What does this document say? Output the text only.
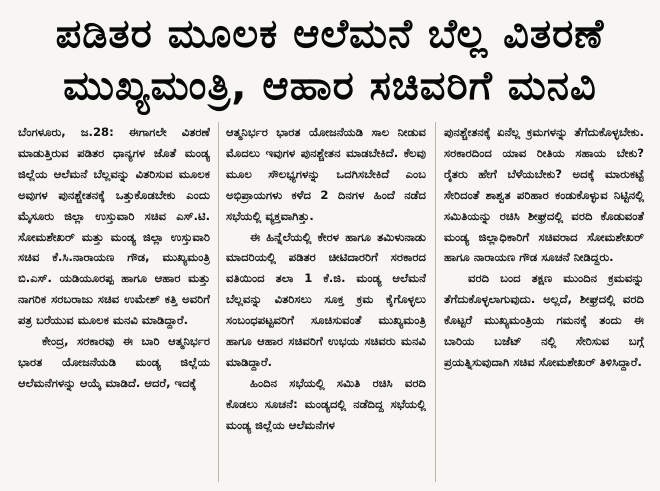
ಪಡಿತರ ಮೂಲಕ ಆಲೆಮನೆ ಬೆಲ್ಲ ವಿತರಣೆ
ಮುಖ್ಯಮಂತ್ರಿ, ಆಹಾರ ಸಚಿವರಿಗೆ ಮನವಿ

ಬೆಂಗಳೂರು, ಜ.28: ಈಗಾಗಲೇ ವಿತರಣೆ ಮಾಡುತ್ತಿರುವ ಪಡಿತರ ಧಾನ್ಯಗಳ ಜೊತೆ ಮಂಡ್ಯ ಜಿಲ್ಲೆಯ ಆಲೆಮನೆ ಬೆಲ್ಲವನ್ನು ವಿತರಿಸುವ ಮೂಲಕ ಅವುಗಳ ಪುನಶ್ಚೇತನಕ್ಕೆ ಒತ್ತುಕೊಡಬೇಕು ಎಂದು ಮೈಸೂರು ಜಿಲ್ಲಾ ಉಸ್ತುವಾರಿ ಸಚಿವ ಎಸ್.ಟಿ. ಸೋಮಶೇಖರ್ ಮತ್ತು ಮಂಡ್ಯ ಜಿಲ್ಲಾ ಉಸ್ತುವಾರಿ ಸಚಿವ ಕೆ.ಸಿ.ನಾರಾಯಣ ಗೌಡ, ಮುಖ್ಯಮಂತ್ರಿ ಬಿ.ಎಸ್. ಯಡಿಯೂರಪ್ಪ ಹಾಗೂ ಆಹಾರ ಮತ್ತು ನಾಗರಿಕ ಸರಬರಾಜು ಸಚಿವ ಉಮೇಶ್ ಕತ್ತಿ ಅವರಿಗೆ ಪತ್ರ ಬರೆಯುವ ಮೂಲಕ ಮನವಿ ಮಾಡಿದ್ದಾರೆ.

ಕೇಂದ್ರ, ಸರಕಾರವು ಈ ಬಾರಿ ಆತ್ಮನಿರ್ಭರ ಭಾರತ ಯೋಜನೆಯಡಿ ಮಂಡ್ಯ ಜಿಲ್ಲೆಯ ಆಲೆಮನೆಗಳನ್ನು ಆಯ್ಕೆ ಮಾಡಿದೆ. ಆದರೆ, ಇದಕ್ಕೆ

ಆತ್ಮನಿರ್ಭರ ಭಾರತ ಯೋಜನೆಯಡಿ ಸಾಲ ನೀಡುವ ಮೊದಲು ಇವುಗಳ ಪುನಶ್ಚೇತನ ಮಾಡಬೇಕಿದೆ. ಕೆಲವು ಮೂಲ ಸೌಲಭ್ಯಗಳನ್ನು ಒದಗಿಸಬೇಕಿದೆ ಎಂಬ ಅಭಿಪ್ರಾಯಗಳು ಕಳೆದ 2 ದಿನಗಳ ಹಿಂದೆ ನಡೆದ ಸಭೆಯಲ್ಲಿ ವ್ಯಕ್ತವಾಗಿತ್ತು.

ಈ ಹಿನ್ನೆಲೆಯಲ್ಲಿ ಕೇರಳ ಹಾಗೂ ತಮಿಳುನಾಡು ಮಾದರಿಯಲ್ಲಿ ಪಡಿತರ ಚೀಟಿದಾರರಿಗೆ ಸರಕಾರದ ವತಿಯಿಂದ ತಲಾ 1 ಕೆ.ಜಿ. ಮಂಡ್ಯ ಆಲೆಮನೆ ಬೆಲ್ಲವನ್ನು ವಿತರಿಸಲು ಸೂಕ್ತ ಕ್ರಮ ಕೈಗೊಳ್ಳಲು ಸಂಬಂಧಪಟ್ಟವರಿಗೆ ಸೂಚಿಸುವಂತೆ ಮುಖ್ಯಮಂತ್ರಿ ಹಾಗೂ ಆಹಾರ ಸಚಿವರಿಗೆ ಉಭಯ ಸಚಿವರು ಮನವಿ ಮಾಡಿದ್ದಾರೆ.

ಹಿಂದಿನ ಸಭೆಯಲ್ಲಿ ಸಮಿತಿ ರಚಿಸಿ ವರದಿ ಕೊಡಲು ಸೂಚನೆ: ಮಂಡ್ಯದಲ್ಲಿ ನಡೆದಿದ್ದ ಸಭೆಯಲ್ಲಿ ಮಂಡ್ಯ ಜಿಲ್ಲೆಯ ಆಲೆಮನೆಗಳ

ಪುನಶ್ಚೇತನಕ್ಕೆ ಏನೆಲ್ಲ ಕ್ರಮಗಳನ್ನು ತೆಗೆದುಕೊಳ್ಳಬೇಕು. ಸರಕಾರದಿಂದ ಯಾವ ರೀತಿಯ ಸಹಾಯ ಬೇಕು? ರೈತರು ಹೇಗೆ ಬೆಳೆಯಬೇಕು? ಅದಕ್ಕೆ ಮಾರುಕಟ್ಟೆ ಸೇರಿದಂತೆ ಶಾಶ್ವತ ಪರಿಹಾರ ಕಂಡುಕೊಳ್ಳುವ ನಿಟ್ಟಿನಲ್ಲಿ ಸಮಿತಿಯನ್ನು ರಚಿಸಿ ಶೀಘ್ರದಲ್ಲಿ ವರದಿ ಕೊಡುವಂತೆ ಮಂಡ್ಯ ಜಿಲ್ಲಾಧಿಕಾರಿಗೆ ಸಚಿವರಾದ ಸೋಮಶೇಖರ್ ಹಾಗೂ ನಾರಾಯಣ ಗೌಡ ಸೂಚನೆ ನೀಡಿದ್ದರು.

ವರದಿ ಬಂದ ತಕ್ಷಣ ಮುಂದಿನ ಕ್ರಮವನ್ನು ತೆಗೆದುಕೊಳ್ಳಲಾಗುವುದು. ಅಲ್ಲದೆ, ಶೀಘ್ರದಲ್ಲಿ ವರದಿ ಕೊಟ್ಟರೆ ಮುಖ್ಯಮಂತ್ರಿಯ ಗಮನಕ್ಕೆ ತಂದು ಈ ಬಾರಿಯ ಬಜೆಟ್ ನಲ್ಲಿ ಸೇರಿಸುವ ಬಗ್ಗೆ ಪ್ರಯತ್ನಿಸುವುದಾಗಿ ಸಚಿವ ಸೋಮಶೇಖರ್ ತಿಳಿಸಿದ್ದಾರೆ.
